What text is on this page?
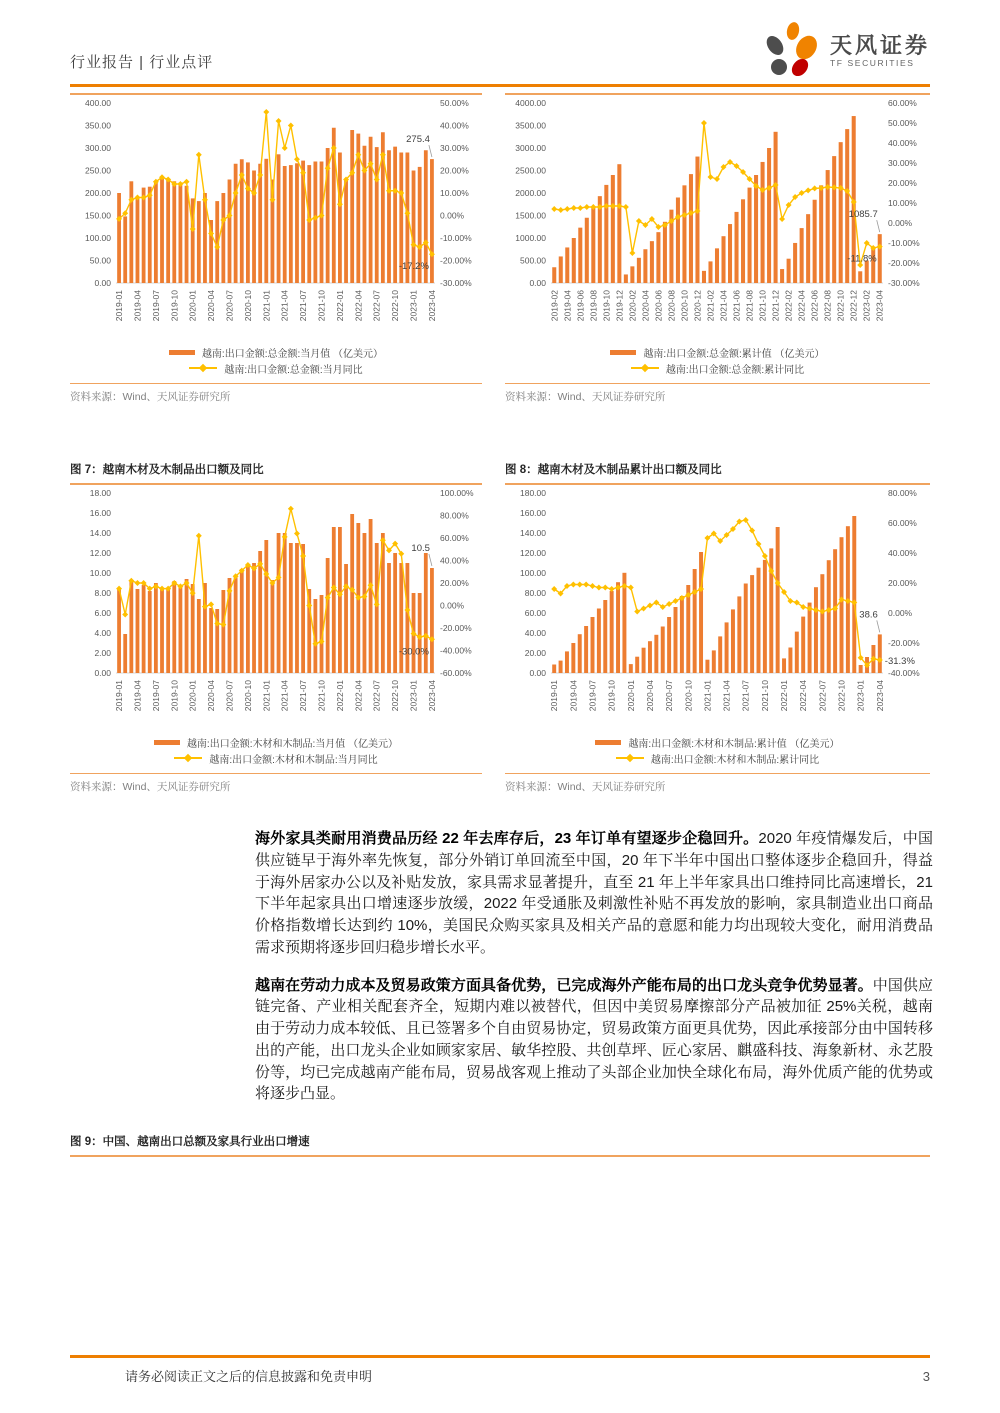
行业报告 | 行业点评
天风证券
TF SECURITIES
0.00
50.00
100.00
150.00
200.00
250.00
300.00
350.00
400.00
-30.00%
-20.00%
-10.00%
0.00%
10.00%
20.00%
30.00%
40.00%
50.00%
2019-01 2019-04 2019-07 2019-10 2020-01 2020-04 2020-07 2020-10 2021-01 2021-04 2021-07 2021-10 2022-01 2022-04 2022-07 2022-10 2023-01 2023-04
275.4
-17.2%
越南:出口金额:总金额:当月值 （亿美元）
越南:出口金额:总金额:当月同比
资料来源：Wind、天风证券研究所
0.00
500.00
1000.00
1500.00
2000.00
2500.00
3000.00
3500.00
4000.00
-30.00%
-20.00%
-10.00%
0.00%
10.00%
20.00%
30.00%
40.00%
50.00%
60.00%
2019-02 2019-04 2019-06 2019-08 2019-10 2019-12 2020-02 2020-04 2020-06 2020-08 2020-10 2020-12 2021-02 2021-04 2021-06 2021-08 2021-10 2021-12 2022-02 2022-04 2022-06 2022-08 2022-10 2022-12 2023-02 2023-04
1085.7
-11.8%
越南:出口金额:总金额:累计值 （亿美元）
越南:出口金额:总金额:累计同比
资料来源：Wind、天风证券研究所
图 7：越南木材及木制品出口额及同比
0.00
2.00
4.00
6.00
8.00
10.00
12.00
14.00
16.00
18.00
-60.00%
-40.00%
-20.00%
0.00%
20.00%
40.00%
60.00%
80.00%
100.00%
2019-01 2019-04 2019-07 2019-10 2020-01 2020-04 2020-07 2020-10 2021-01 2021-04 2021-07 2021-10 2022-01 2022-04 2022-07 2022-10 2023-01 2023-04
10.5
-30.0%
越南:出口金额:木材和木制品:当月值 （亿美元）
越南:出口金额:木材和木制品:当月同比
资料来源：Wind、天风证券研究所
图 8：越南木材及木制品累计出口额及同比
0.00
20.00
40.00
60.00
80.00
100.00
120.00
140.00
160.00
180.00
-40.00%
-20.00%
0.00%
20.00%
40.00%
60.00%
80.00%
2019-01 2019-04 2019-07 2019-10 2020-01 2020-04 2020-07 2020-10 2021-01 2021-04 2021-07 2021-10 2022-01 2022-04 2022-07 2022-10 2023-01 2023-04
38.6
-31.3%
越南:出口金额:木材和木制品:累计值 （亿美元）
越南:出口金额:木材和木制品:累计同比
资料来源：Wind、天风证券研究所

海外家具类耐用消费品历经 22 年去库存后，23 年订单有望逐步企稳回升。2020 年疫情爆发后，中国供应链早于海外率先恢复，部分外销订单回流至中国，20 年下半年中国出口整体逐步企稳回升，得益于海外居家办公以及补贴发放，家具需求显著提升，直至 21 年上半年家具出口维持同比高速增长，21 下半年起家具出口增速逐步放缓，2022 年受通胀及刺激性补贴不再发放的影响，家具制造业出口商品价格指数增长达到约 10%，美国民众购买家具及相关产品的意愿和能力均出现较大变化，耐用消费品需求预期将逐步回归稳步增长水平。

越南在劳动力成本及贸易政策方面具备优势，已完成海外产能布局的出口龙头竞争优势显著。中国供应链完备、产业相关配套齐全，短期内难以被替代，但因中美贸易摩擦部分产品被加征 25%关税，越南由于劳动力成本较低、且已签署多个自由贸易协定，贸易政策方面更具优势，因此承接部分由中国转移出的产能，出口龙头企业如顾家家居、敏华控股、共创草坪、匠心家居、麒盛科技、海象新材、永艺股份等，均已完成越南产能布局，贸易战客观上推动了头部企业加快全球化布局，海外优质产能的优势或将逐步凸显。

图 9：中国、越南出口总额及家具行业出口增速
请务必阅读正文之后的信息披露和免责申明	3
